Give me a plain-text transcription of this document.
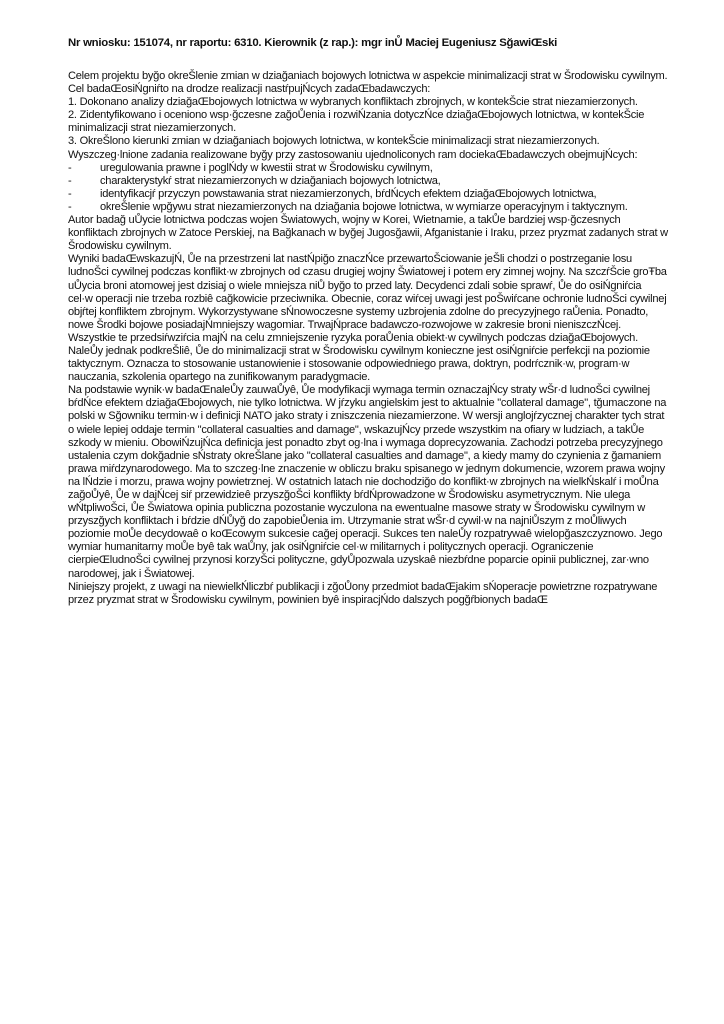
Nr wniosku: 151074, nr raportu: 6310. Kierownik (z rap.): mgr inŮ Maciej Eugeniusz SğawiŒski

Celem projektu byğo okreŠlenie zmian w dziağaniach bojowych lotnictwa w aspekcie minimalizacji strat w Šrodowisku cywilnym. Cel badaŒosiŃgniŕto na drodze realizacji nastŕpujŃcych zadaŒbadawczych:

1. Dokonano analizy dziağaŒbojowych lotnictwa w wybranych konfliktach zbrojnych, w kontekŠcie strat niezamierzonych.

2. Zidentyfikowano i oceniono wsp·ğczesne zağoŮenia i rozwiŃzania dotyczŃce dziağaŒbojowych lotnictwa, w kontekŠcie minimalizacji strat niezamierzonych.

3. OkreŠlono kierunki zmian w dziağaniach bojowych lotnictwa, w kontekŠcie minimalizacji strat niezamierzonych.

Wyszczeg·lnione zadania realizowane byğy przy zastosowaniu ujednoliconych ram dociekaŒbadawczych obejmujŃcych:

-	uregulowania prawne i poglŃdy w kwestii strat w Šrodowisku cywilnym,
-	charakterystykŕ strat niezamierzonych w dziağaniach bojowych lotnictwa,
-	identyfikacjŕ przyczyn powstawania strat niezamierzonych, bŕdŃcych efektem dziağaŒbojowych lotnictwa,
-	okreŠlenie wpğywu strat niezamierzonych na dziağania bojowe lotnictwa, w wymiarze operacyjnym i taktycznym.

Autor badağ uŮycie lotnictwa podczas wojen Šwiatowych, wojny w Korei, Wietnamie, a takŮe bardziej wsp·ğczesnych konfliktach zbrojnych w Zatoce Perskiej, na Bağkanach w byğej Jugosğawii, Afganistanie i Iraku, przez pryzmat zadanych strat w Šrodowisku cywilnym.

Wyniki badaŒwskazujŃ, Ůe na przestrzeni lat nastŃpiğo znaczŃce przewartoŠciowanie jeŠli chodzi o postrzeganie losu ludnoŠci cywilnej podczas konflikt·w zbrojnych od czasu drugiej wojny Šwiatowej i potem ery zimnej wojny. Na szczŕŠcie groŦba uŮycia broni atomowej jest dzisiaj o wiele mniejsza niŮ byğo to przed laty. Decydenci zdali sobie sprawŕ, Ůe do osiŃgniŕcia cel·w operacji nie trzeba rozbiê cağkowicie przeciwnika. Obecnie, coraz wiŕcej uwagi jest poŠwiŕcane ochronie ludnoŠci cywilnej objŕtej konfliktem zbrojnym. Wykorzystywane sŃnowoczesne systemy uzbrojenia zdolne do precyzyjnego raŮenia. Ponadto, nowe Šrodki bojowe posiadajŃmniejszy wagomiar. TrwajŃprace badawczo-rozwojowe w zakresie broni nieniszczŃcej. Wszystkie te przedsiŕwziŕcia majŃ na celu zmniejszenie ryzyka poraŮenia obiekt·w cywilnych podczas dziağaŒbojowych. NaleŮy jednak podkreŠliê, Ůe do minimalizacji strat w Šrodowisku cywilnym konieczne jest osiŃgniŕcie perfekcji na poziomie taktycznym. Oznacza to stosowanie ustanowienie i stosowanie odpowiedniego prawa, doktryn, podrŕcznik·w, program·w nauczania, szkolenia opartego na zunifikowanym paradygmacie.

Na podstawie wynik·w badaŒnaleŮy zauwaŮyê, Ůe modyfikacji wymaga termin oznaczajŃcy straty wŠr·d ludnoŠci cywilnej bŕdŃce efektem dziağaŒbojowych, nie tylko lotnictwa. W jŕzyku angielskim jest to aktualnie "collateral damage", tğumaczone na polski w Sğowniku termin·w i definicji NATO jako straty i zniszczenia niezamierzone. W wersji anglojŕzycznej charakter tych strat o wiele lepiej oddaje termin "collateral casualties and damage", wskazujŃcy przede wszystkim na ofiary w ludziach, a takŮe szkody w mieniu. ObowiŃzujŃca definicja jest ponadto zbyt og·lna i wymaga doprecyzowania. Zachodzi potrzeba precyzyjnego ustalenia czym dokğadnie sŃstraty okreŠlane jako "collateral casualties and damage", a kiedy mamy do czynienia z ğamaniem prawa miŕdzynarodowego. Ma to szczeg·lne znaczenie w obliczu braku spisanego w jednym dokumencie, wzorem prawa wojny na lŃdzie i morzu, prawa wojny powietrznej. W ostatnich latach nie dochodziğo do konflikt·w zbrojnych na wielkŃskalŕ i moŮna zağoŮyê, Ůe w dajŃcej siŕ przewidzieê przyszğoŠci konflikty bŕdŃprowadzone w Šrodowisku asymetrycznym. Nie ulega wŃtpliwoŠci, Ůe Šwiatowa opinia publiczna pozostanie wyczulona na ewentualne masowe straty w Šrodowisku cywilnym w przyszğych konfliktach i bŕdzie dŃŮyğ do zapobieŮenia im. Utrzymanie strat wŠr·d cywil·w na najniŮszym z moŮliwych poziomie moŮe decydowaê o koŒcowym sukcesie cağej operacji. Sukces ten naleŮy rozpatrywaê wielopğaszczyznowo. Jego wymiar humanitarny moŮe byê tak waŮny, jak osiŃgniŕcie cel·w militarnych i politycznych operacji. Ograniczenie cierpieŒludnoŠci cywilnej przynosi korzyŠci polityczne, gdyŮpozwala uzyskaê niezbŕdne poparcie opinii publicznej, zar·wno narodowej, jak i Šwiatowej.

Niniejszy projekt, z uwagi na niewielkŃliczbŕ publikacji i zğoŮony przedmiot badaŒjakim sŃoperacje powietrzne rozpatrywane przez pryzmat strat w Šrodowisku cywilnym, powinien byê inspiracjŃdo dalszych pogğŕbionych badaŒ
